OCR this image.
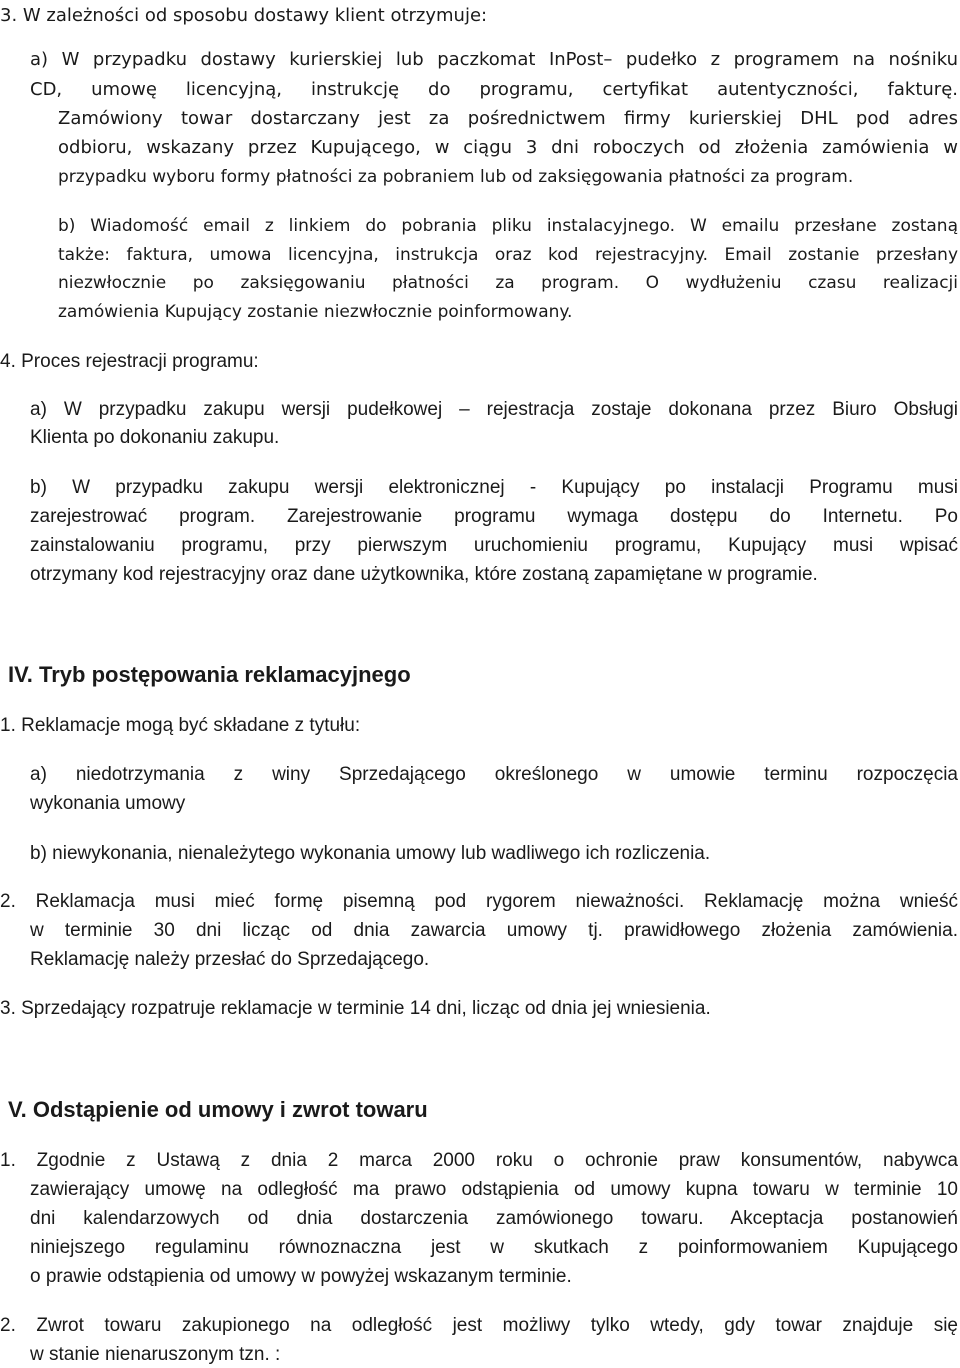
3. W zależności od sposobu dostawy klient otrzymuje:
a) W przypadku dostawy kurierskiej lub paczkomat InPost– pudełko z programem na nośniku
CD, umowę licencyjną, instrukcję do programu, certyfikat autentyczności, fakturę.
Zamówiony towar dostarczany jest za pośrednictwem firmy kurierskiej DHL pod adres
odbioru, wskazany przez Kupującego, w ciągu 3 dni roboczych od złożenia zamówienia w
przypadku wyboru formy płatności za pobraniem lub od zaksięgowania płatności za program.
b) Wiadomość email z linkiem do pobrania pliku instalacyjnego. W emailu przesłane zostaną
także: faktura, umowa licencyjna, instrukcja oraz kod rejestracyjny. Email zostanie przesłany
niezwłocznie po zaksięgowaniu płatności za program. O wydłużeniu czasu realizacji
zamówienia Kupujący zostanie niezwłocznie poinformowany.
4. Proces rejestracji programu:
a) W przypadku zakupu wersji pudełkowej – rejestracja zostaje dokonana przez Biuro Obsługi
Klienta po dokonaniu zakupu.
b) W przypadku zakupu wersji elektronicznej - Kupujący po instalacji Programu musi
zarejestrować program. Zarejestrowanie programu wymaga dostępu do Internetu. Po
zainstalowaniu programu, przy pierwszym uruchomieniu programu, Kupujący musi wpisać
otrzymany kod rejestracyjny oraz dane użytkownika, które zostaną zapamiętane w programie.
IV. Tryb postępowania reklamacyjnego
1. Reklamacje mogą być składane z tytułu:
a) niedotrzymania z winy Sprzedającego określonego w umowie terminu rozpoczęcia
wykonania umowy
b) niewykonania, nienależytego wykonania umowy lub wadliwego ich rozliczenia.
2. Reklamacja musi mieć formę pisemną pod rygorem nieważności. Reklamację można wnieść
w terminie 30 dni licząc od dnia zawarcia umowy tj. prawidłowego złożenia zamówienia.
Reklamację należy przesłać do Sprzedającego.
3. Sprzedający rozpatruje reklamacje w terminie 14 dni, licząc od dnia jej wniesienia.
V. Odstąpienie od umowy i zwrot towaru
1. Zgodnie z Ustawą z dnia 2 marca 2000 roku o ochronie praw konsumentów, nabywca
zawierający umowę na odległość ma prawo odstąpienia od umowy kupna towaru w terminie 10
dni kalendarzowych od dnia dostarczenia zamówionego towaru. Akceptacja postanowień
niniejszego regulaminu równoznaczna jest w skutkach z poinformowaniem Kupującego
o prawie odstąpienia od umowy w powyżej wskazanym terminie.
2. Zwrot towaru zakupionego na odległość jest możliwy tylko wtedy, gdy towar znajduje się
w stanie nienaruszonym tzn. :
